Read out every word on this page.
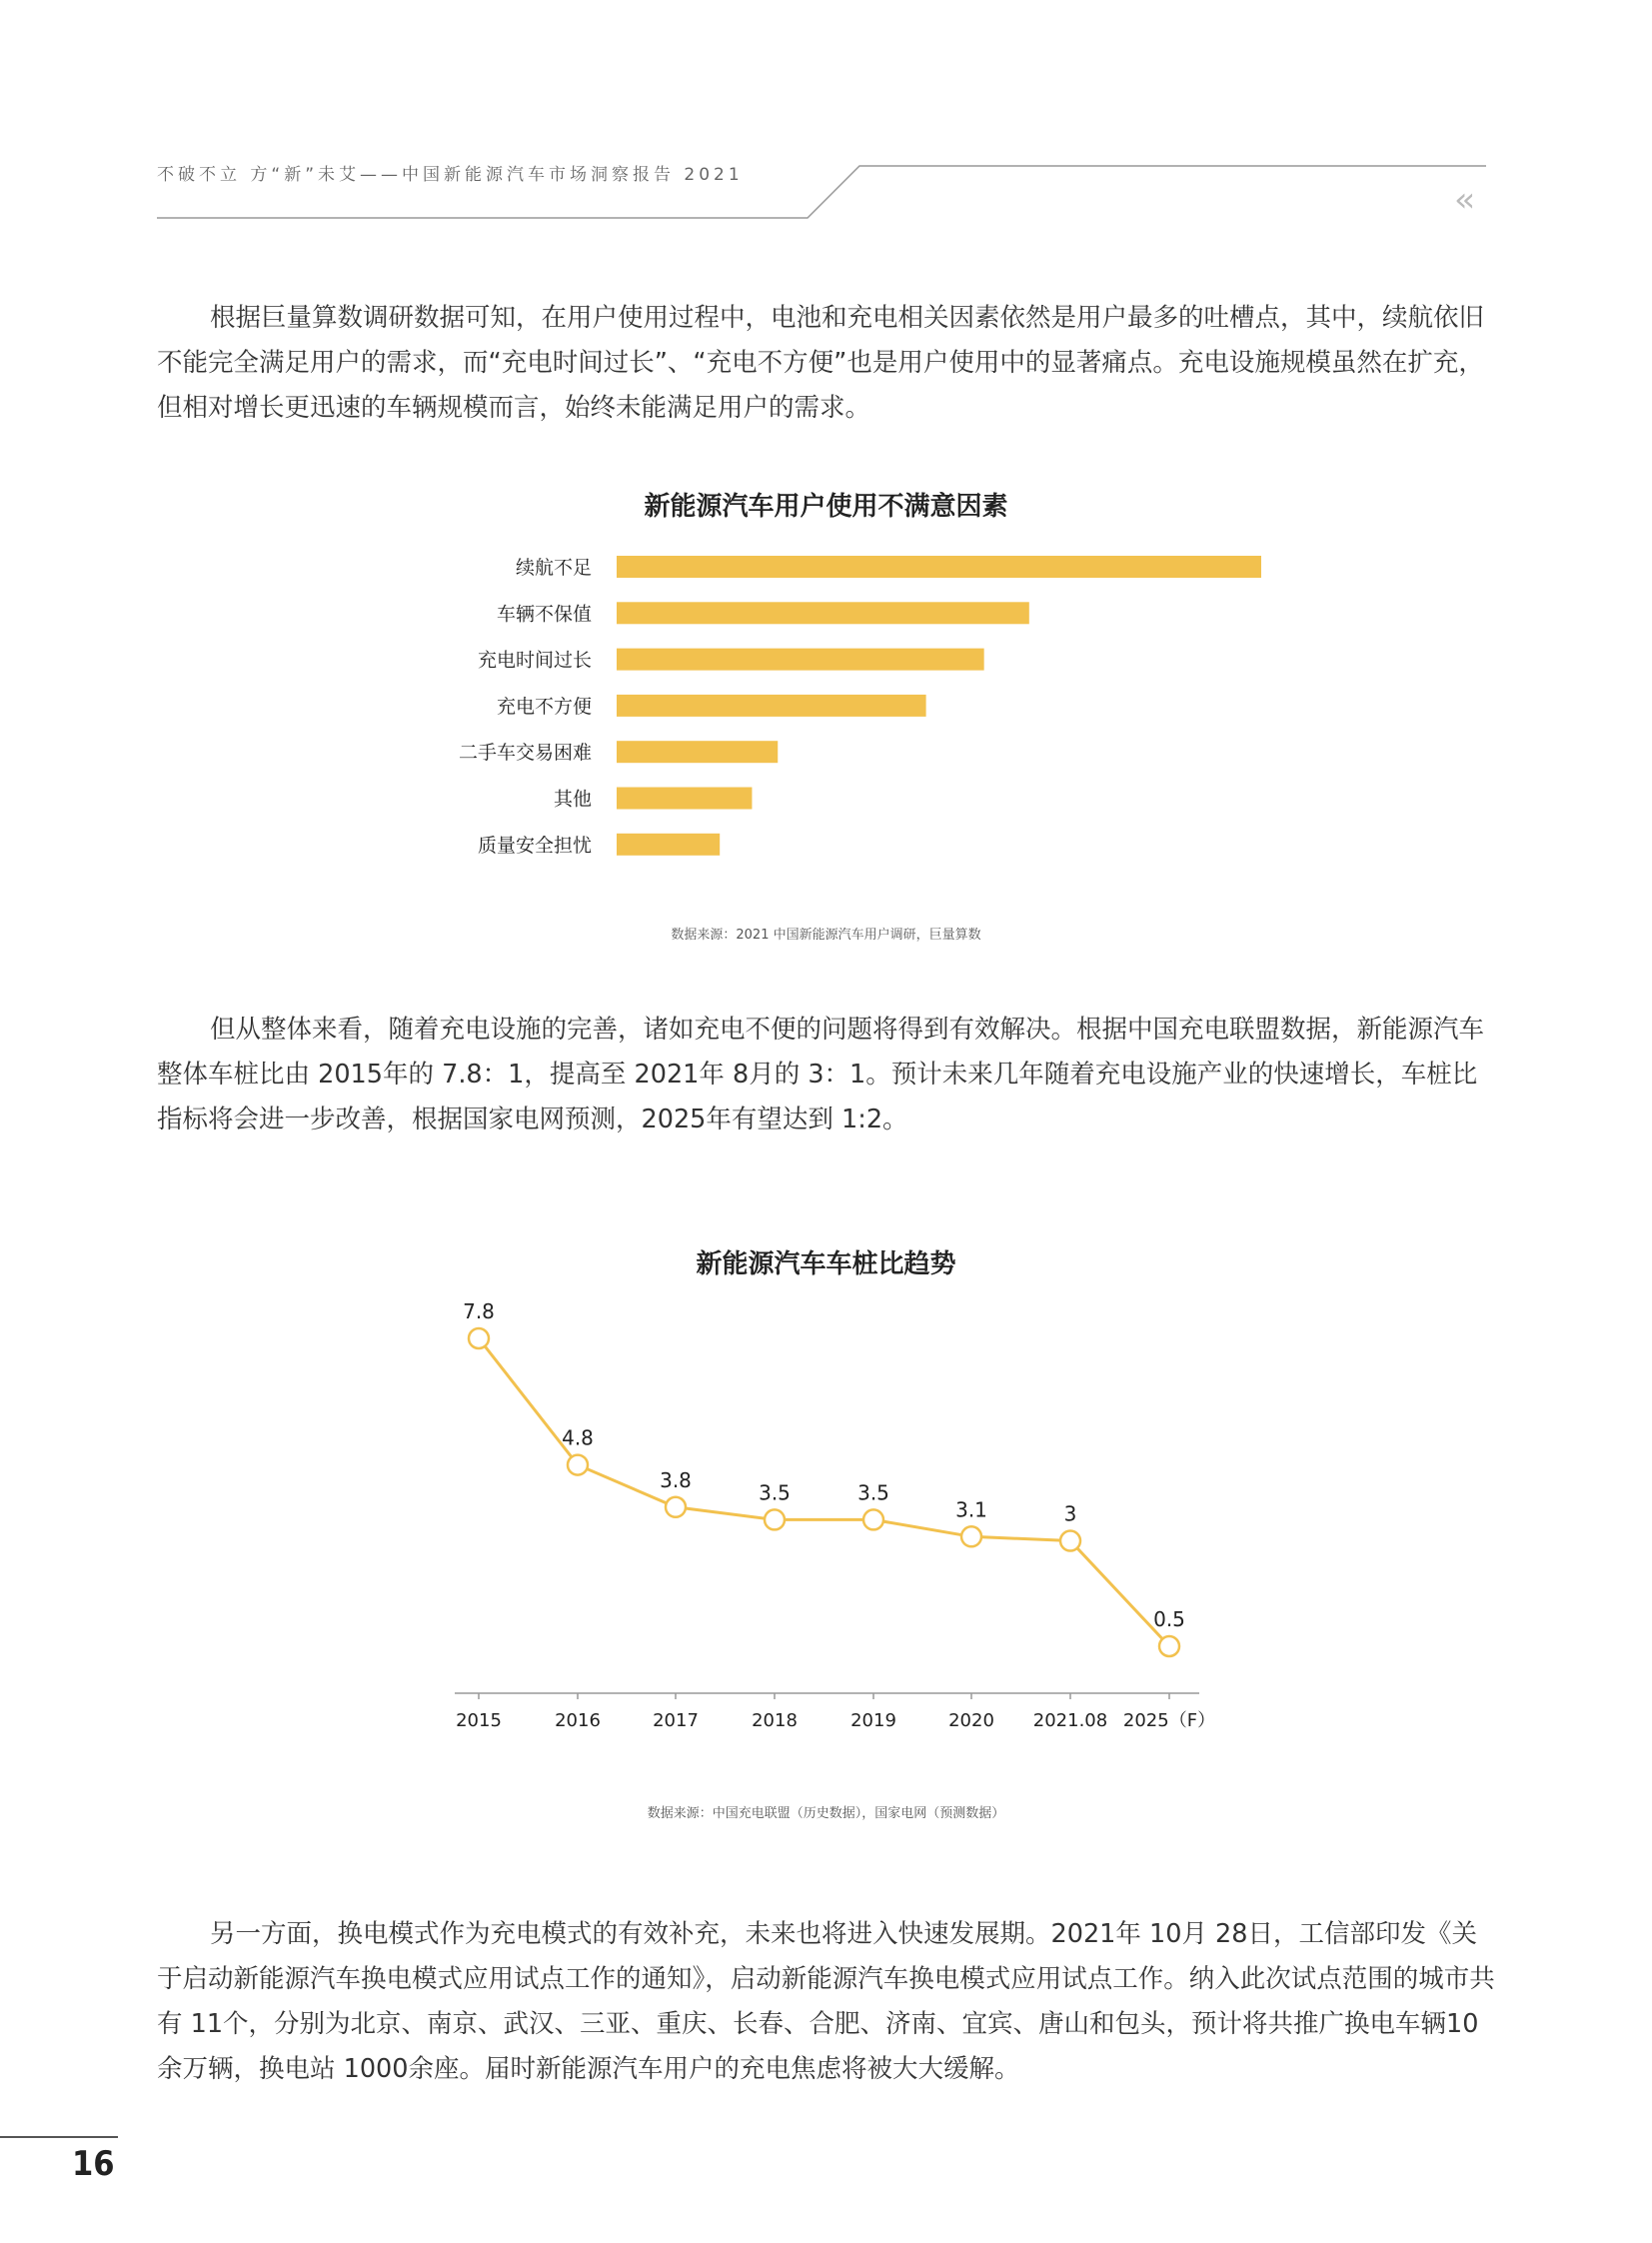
不破不立 方“新”未艾——中国新能源汽车市场洞察报告 2021
‹‹

根据巨量算数调研数据可知，在用户使用过程中，电池和充电相关因素依然是用户最多的吐槽点，其中，续航依旧不能完全满足用户的需求，而“充电时间过长”、“充电不方便”也是用户使用中的显著痛点。充电设施规模虽然在扩充，但相对增长更迅速的车辆规模而言，始终未能满足用户的需求。

新能源汽车用户使用不满意因素
续航不足
车辆不保值
充电时间过长
充电不方便
二手车交易困难
其他
质量安全担忧
数据来源：2021 中国新能源汽车用户调研，巨量算数

但从整体来看，随着充电设施的完善，诸如充电不便的问题将得到有效解决。根据中国充电联盟数据，新能源汽车整体车桩比由 2015年的 7.8：1，提高至 2021年 8月的 3：1。预计未来几年随着充电设施产业的快速增长，车桩比指标将会进一步改善，根据国家电网预测，2025年有望达到 1:2。

新能源汽车车桩比趋势
7.8
2015
4.8
2016
3.8
2017
3.5
2018
3.5
2019
3.1
2020
3
2021.08
0.5
2025（F）
数据来源：中国充电联盟（历史数据），国家电网（预测数据）

另一方面，换电模式作为充电模式的有效补充，未来也将进入快速发展期。2021年 10月 28日，工信部印发《关于启动新能源汽车换电模式应用试点工作的通知》，启动新能源汽车换电模式应用试点工作。纳入此次试点范围的城市共有 11个，分别为北京、南京、武汉、三亚、重庆、长春、合肥、济南、宜宾、唐山和包头，预计将共推广换电车辆10余万辆，换电站 1000余座。届时新能源汽车用户的充电焦虑将被大大缓解。

16
